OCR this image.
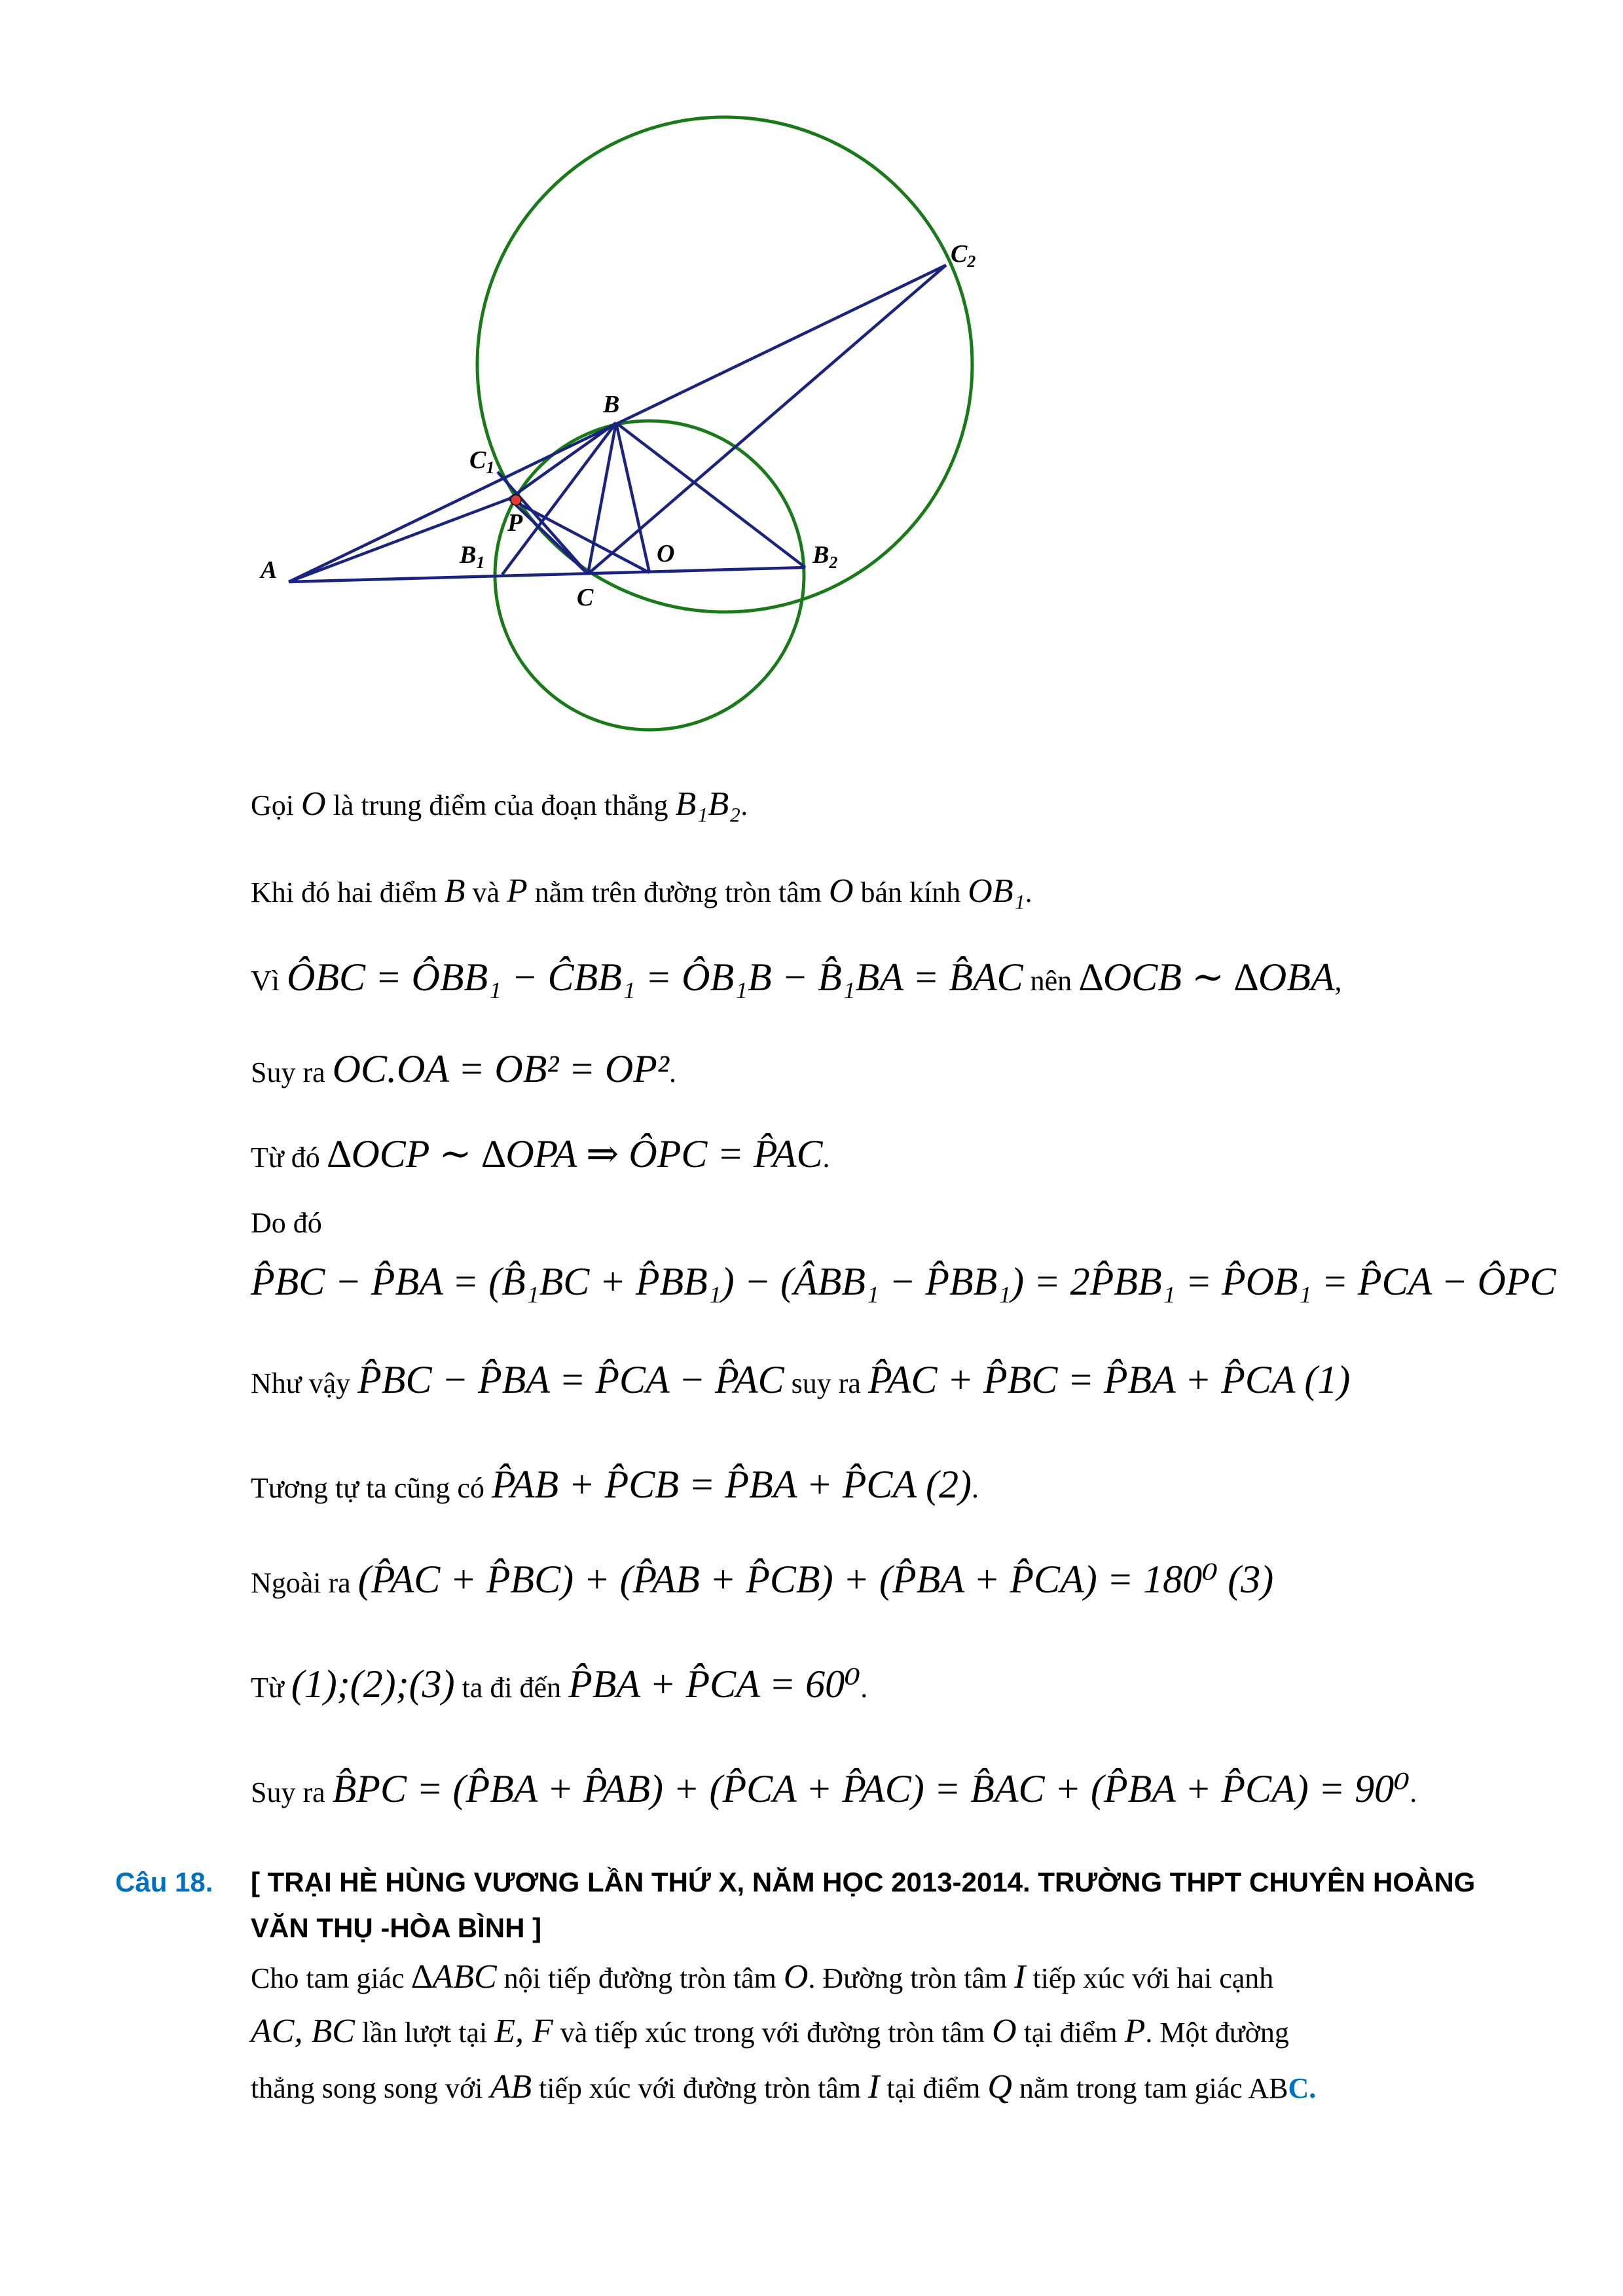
A
B
C
O
P
$B_1$	$B_2$
$C_1$
$C_2$
Gọi O là trung điểm của đoạn thẳng B₁B₂.
Khi đó hai điểm B và P nằm trên đường tròn tâm O bán kính OB₁.
Vì ÔBC = ÔBB₁ − ĈBB₁ = ÔB₁B − B̂₁BA = B̂AC nên ∆OCB ∼ ∆OBA,
Suy ra OC.OA = OB² = OP².
Từ đó ∆OCP ∼ ∆OPA ⇒ ÔPC = P̂AC.
Do đó
P̂BC − P̂BA = (B̂₁BC + P̂BB₁) − (ÂBB₁ − P̂BB₁) = 2P̂BB₁ = P̂OB₁ = P̂CA − ÔPC
Như vậy P̂BC − P̂BA = P̂CA − P̂AC suy ra P̂AC + P̂BC = P̂BA + P̂CA (1)
Tương tự ta cũng có P̂AB + P̂CB = P̂BA + P̂CA (2).
Ngoài ra (P̂AC + P̂BC) + (P̂AB + P̂CB) + (P̂BA + P̂CA) = 180⁰ (3)
Từ (1);(2);(3) ta đi đến P̂BA + P̂CA = 60⁰.
Suy ra B̂PC = (P̂BA + P̂AB) + (P̂CA + P̂AC) = B̂AC + (P̂BA + P̂CA) = 90⁰.
Câu 18. [ TRẠI HÈ HÙNG VƯƠNG LẦN THỨ X, NĂM HỌC 2013-2014. TRƯỜNG THPT CHUYÊN HOÀNG
VĂN THỤ -HÒA BÌNH ]
Cho tam giác ∆ABC nội tiếp đường tròn tâm O. Đường tròn tâm I tiếp xúc với hai cạnh
AC, BC lần lượt tại E, F và tiếp xúc trong với đường tròn tâm O tại điểm P. Một đường
thẳng song song với AB tiếp xúc với đường tròn tâm I tại điểm Q nằm trong tam giác ABC.
